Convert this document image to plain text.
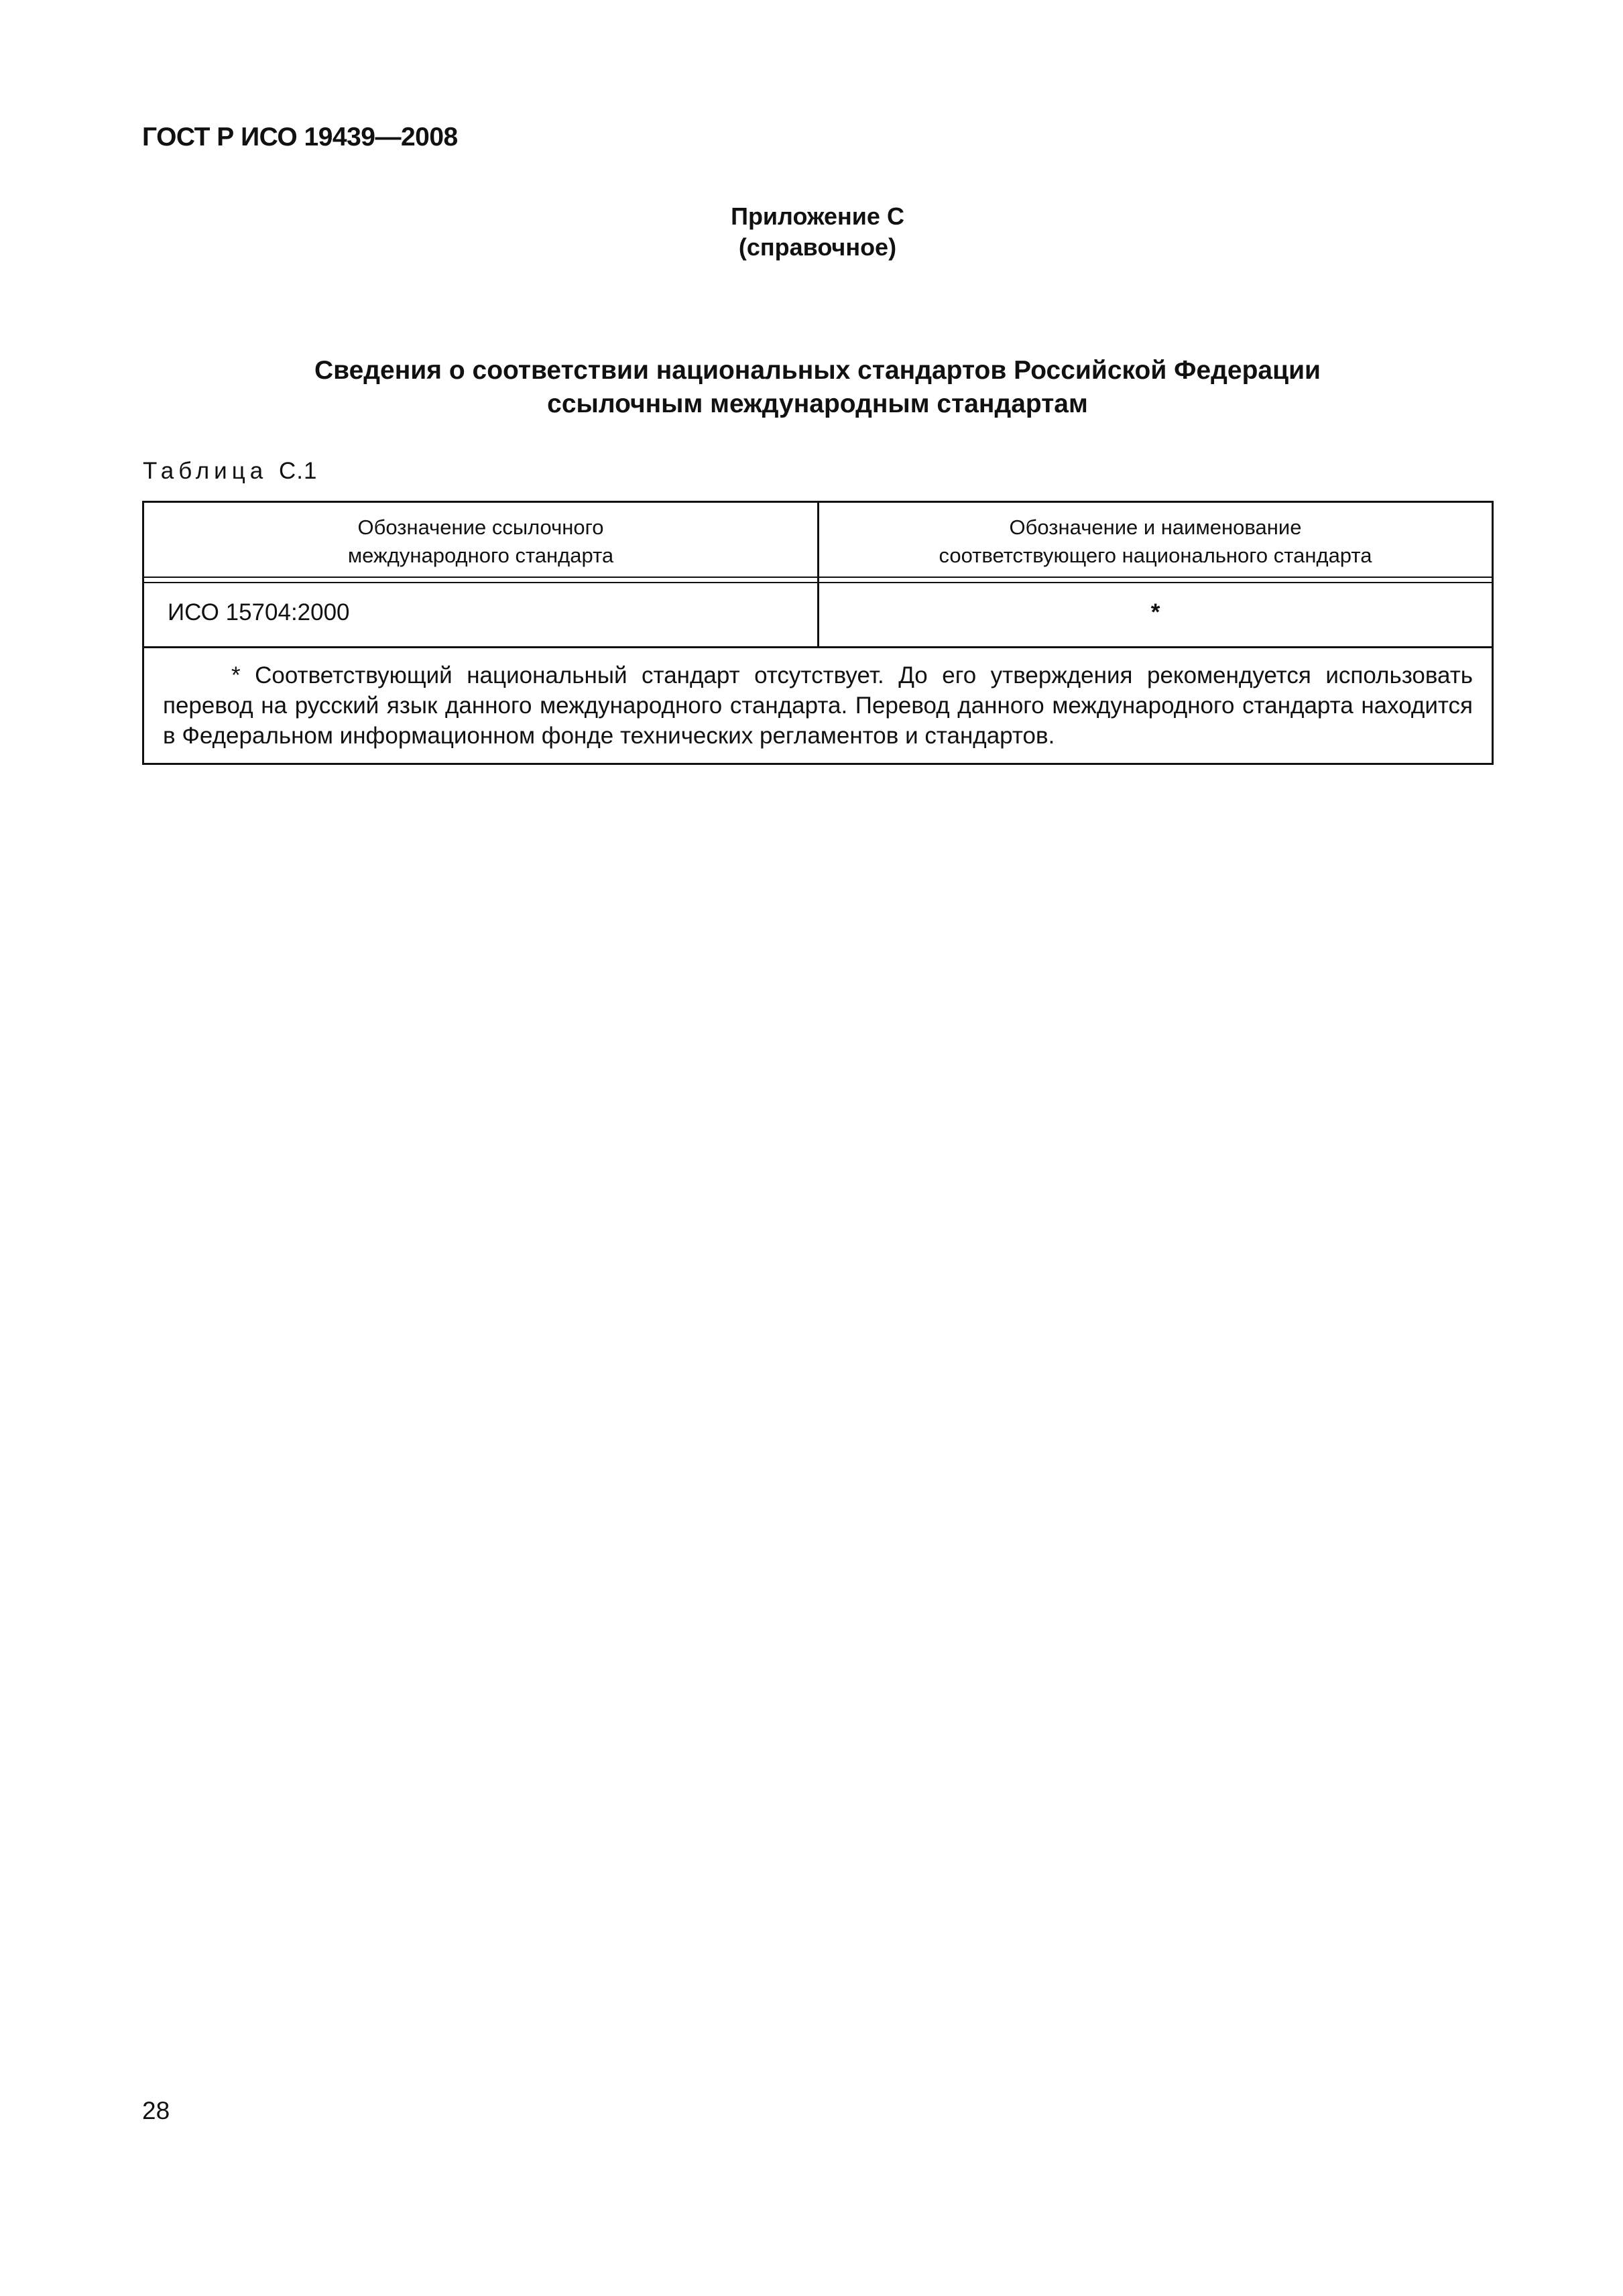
ГОСТ Р ИСО 19439—2008
Приложение С
(справочное)
Сведения о соответствии национальных стандартов Российской Федерации
ссылочным международным стандартам
Таблица С.1
Обозначение ссылочного
международного стандарта
Обозначение и наименование
соответствующего национального стандарта
ИСО 15704:2000	*
* Соответствующий национальный стандарт отсутствует. До его утверждения рекомендуется использовать перевод на русский язык данного международного стандарта. Перевод данного международного стандарта находится в Федеральном информационном фонде технических регламентов и стандартов.
28
